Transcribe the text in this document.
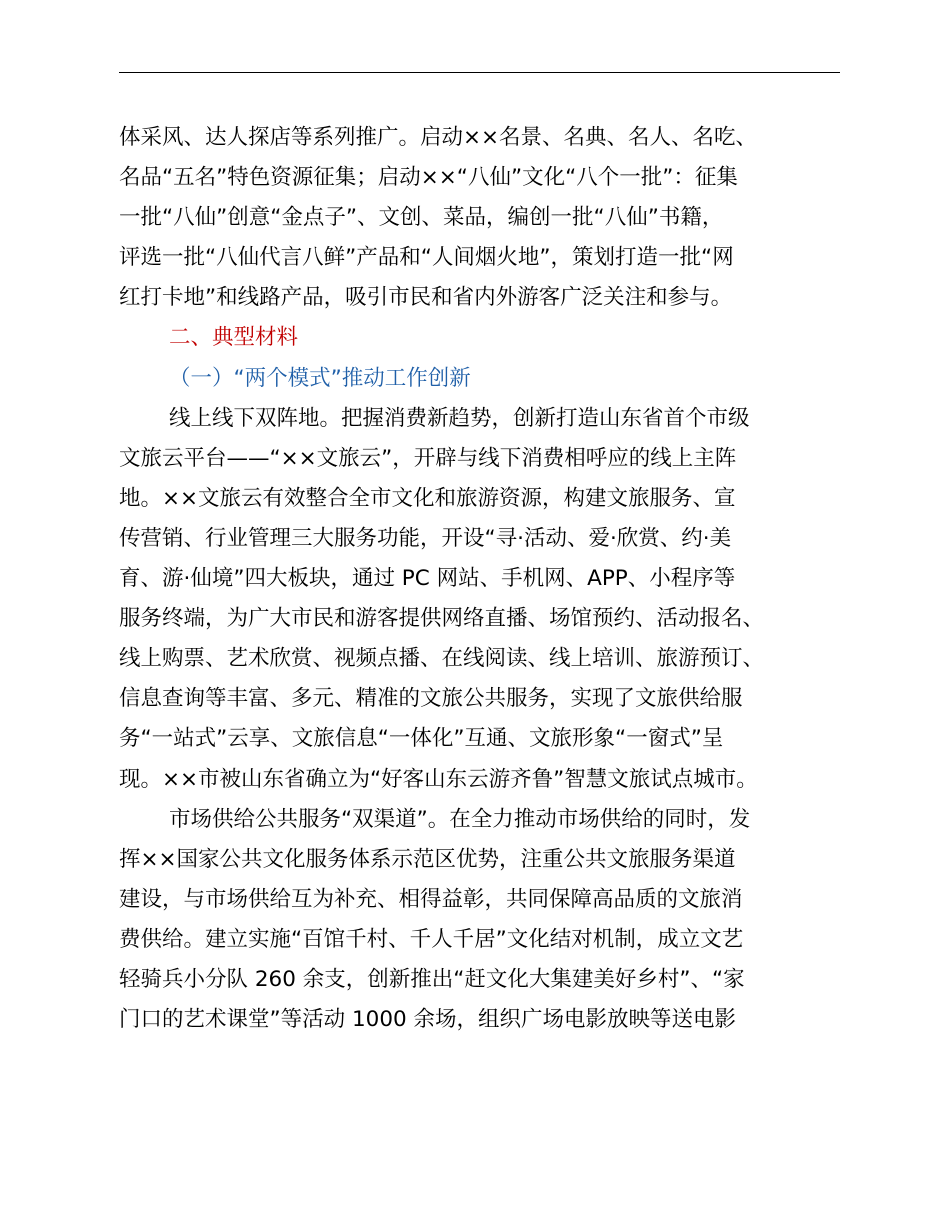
体采风、达人探店等系列推广。启动××名景、名典、名人、名吃、
名品“五名”特色资源征集；启动××“八仙”文化“八个一批”：征集
一批“八仙”创意“金点子”、文创、菜品，编创一批“八仙”书籍，
评选一批“八仙代言八鲜”产品和“人间烟火地”，策划打造一批“网
红打卡地”和线路产品，吸引市民和省内外游客广泛关注和参与。
二、典型材料
（一）“两个模式”推动工作创新
线上线下双阵地。把握消费新趋势，创新打造山东省首个市级
文旅云平台——“××文旅云”，开辟与线下消费相呼应的线上主阵
地。××文旅云有效整合全市文化和旅游资源，构建文旅服务、宣
传营销、行业管理三大服务功能，开设“寻·活动、爱·欣赏、约·美
育、游·仙境”四大板块，通过 PC 网站、手机网、APP、小程序等
服务终端，为广大市民和游客提供网络直播、场馆预约、活动报名、
线上购票、艺术欣赏、视频点播、在线阅读、线上培训、旅游预订、
信息查询等丰富、多元、精准的文旅公共服务，实现了文旅供给服
务“一站式”云享、文旅信息“一体化”互通、文旅形象“一窗式”呈
现。××市被山东省确立为“好客山东云游齐鲁”智慧文旅试点城市。
市场供给公共服务“双渠道”。在全力推动市场供给的同时，发
挥××国家公共文化服务体系示范区优势，注重公共文旅服务渠道
建设，与市场供给互为补充、相得益彰，共同保障高品质的文旅消
费供给。建立实施“百馆千村、千人千居”文化结对机制，成立文艺
轻骑兵小分队 260 余支，创新推出“赶文化大集建美好乡村”、“家
门口的艺术课堂”等活动 1000 余场，组织广场电影放映等送电影
